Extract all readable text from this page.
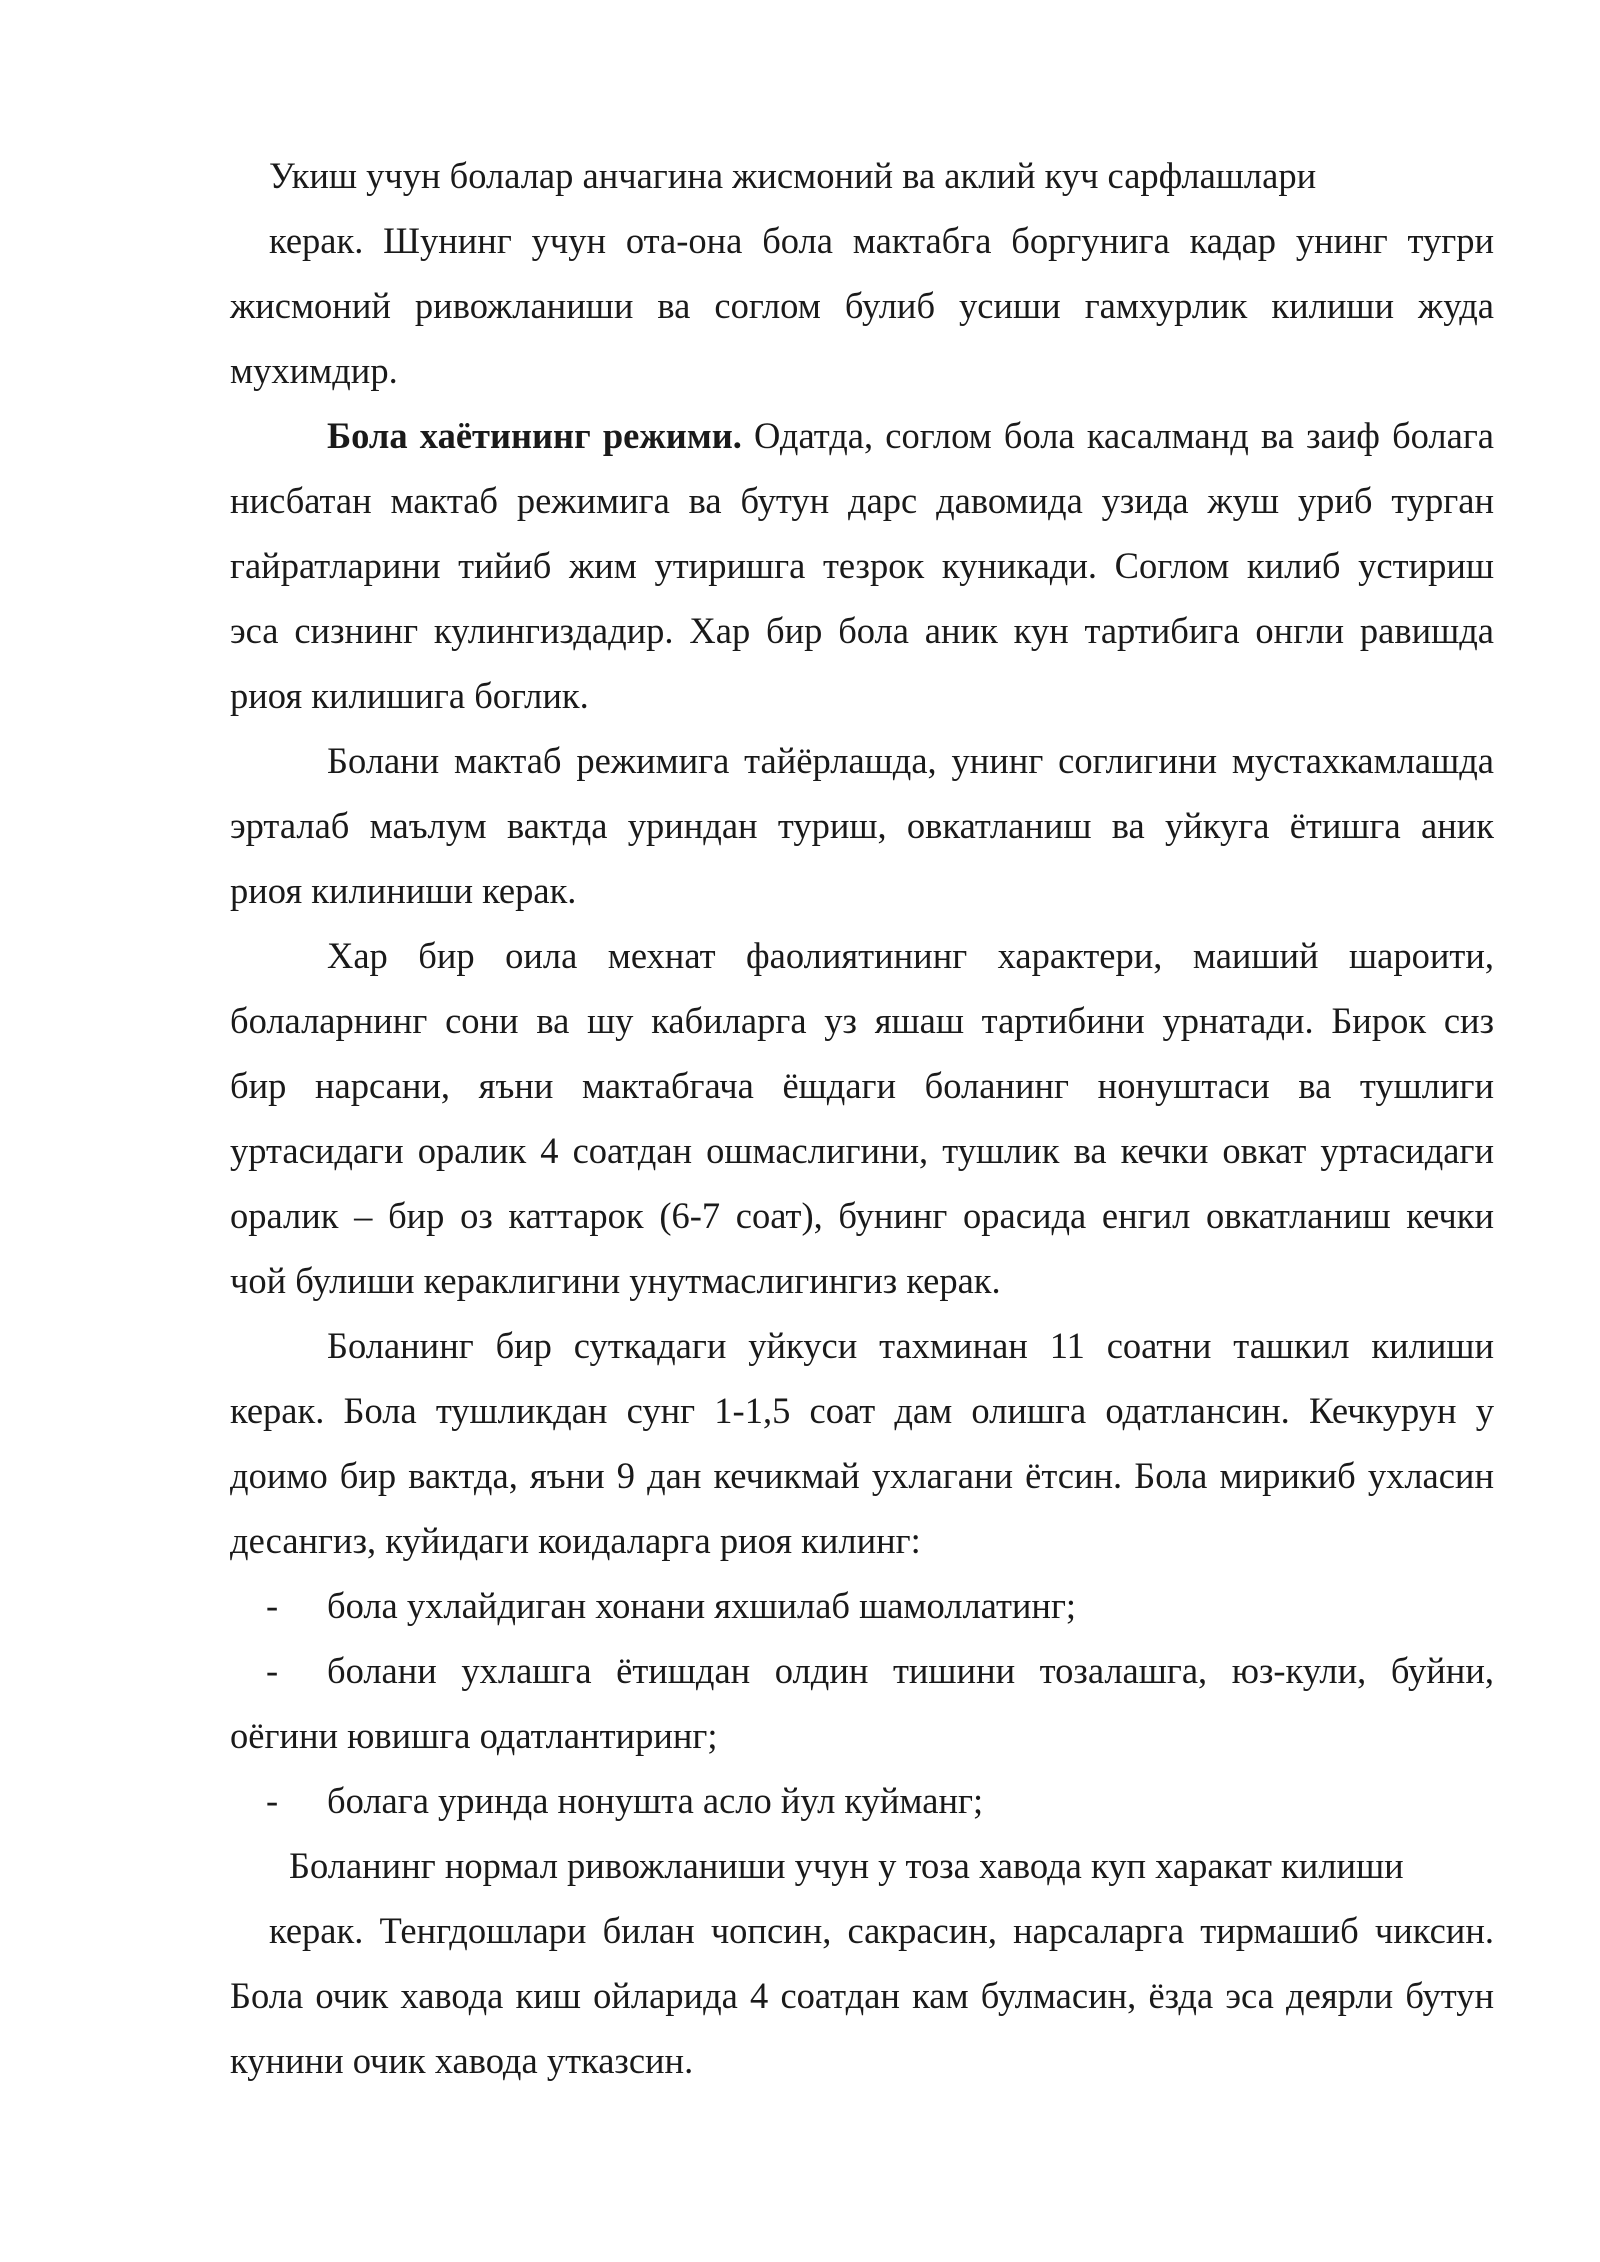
Укиш учун болалар анчагина жисмоний ва аклий куч сарфлашлари

керак. Шунинг учун ота-она бола мактабга боргунига кадар унинг тугри

жисмоний ривожланиши ва соглом булиб усиши гамхурлик килиши жуда

мухимдир.

Бола хаётининг режими. Одатда, соглом бола касалманд ва заиф болага

нисбатан мактаб режимига ва бутун дарс давомида узида жуш уриб турган

гайратларини тийиб жим утиришга тезрок куникади. Соглом килиб устириш

эса сизнинг кулингиздадир. Хар бир бола аник кун тартибига онгли равишда

риоя килишига боглик.

Болани мактаб режимига тайёрлашда, унинг соглигини мустахкамлашда

эрталаб маълум вактда уриндан туриш, овкатланиш ва уйкуга ётишга аник

риоя килиниши керак.

Хар бир оила мехнат фаолиятининг характери, маиший шароити,

болаларнинг сони ва шу кабиларга уз яшаш тартибини урнатади. Бирок сиз

бир нарсани, яъни мактабгача ёшдаги боланинг нонуштаси ва тушлиги

уртасидаги оралик 4 соатдан ошмаслигини, тушлик ва кечки овкат уртасидаги

оралик – бир оз каттарок (6-7 соат), бунинг орасида енгил овкатланиш кечки

чой булиши кераклигини унутмаслигингиз керак.

Боланинг бир суткадаги уйкуси тахминан 11 соатни ташкил килиши

керак. Бола тушликдан сунг 1-1,5 соат дам олишга одатлансин. Кечкурун у

доимо бир вактда, яъни 9 дан кечикмай ухлагани ётсин. Бола мирикиб ухласин

десангиз, куйидаги коидаларга риоя килинг:

- бола ухлайдиган хонани яхшилаб шамоллатинг;

- болани ухлашга ётишдан олдин тишини тозалашга, юз-кули, буйни,

оёгини ювишга одатлантиринг;

- болага уринда нонушта асло йул куйманг;

Боланинг нормал ривожланиши учун у тоза хавода куп харакат килиши

керак. Тенгдошлари билан чопсин, сакрасин, нарсаларга тирмашиб чиксин.

Бола очик хавода киш ойларида 4 соатдан кам булмасин, ёзда эса деярли бутун

кунини очик хавода утказсин.
